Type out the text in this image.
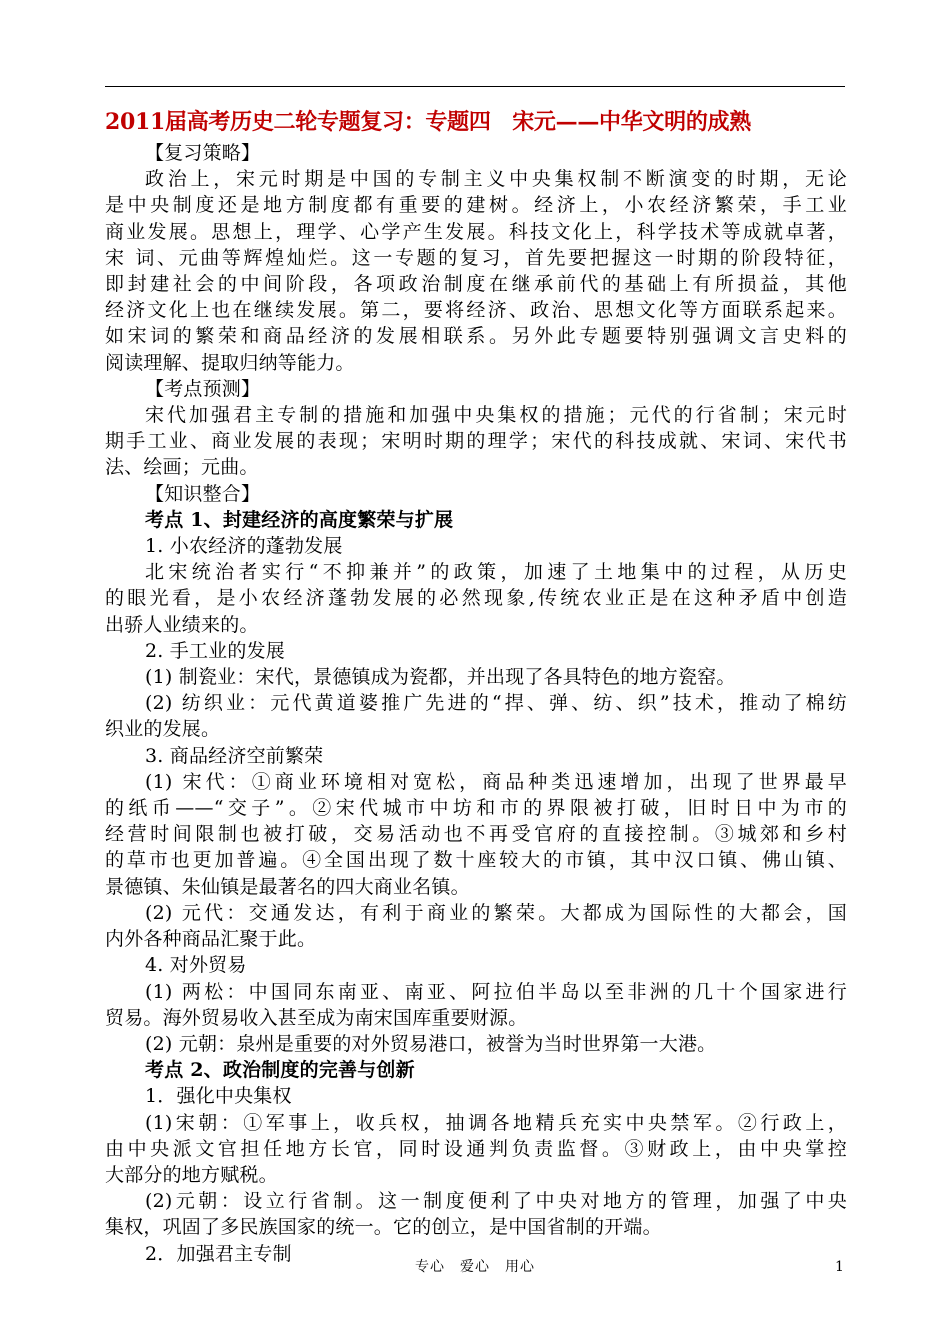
2011届高考历史二轮专题复习：专题四　宋元——中华文明的成熟
【复习策略】
政治上，宋元时期是中国的专制主义中央集权制不断演变的时期，无论
是中央制度还是地方制度都有重要的建树。经济上，小农经济繁荣，手工业
商业发展。思想上，理学、心学产生发展。科技文化上，科学技术等成就卓著，
宋 词、元曲等辉煌灿烂。这一专题的复习，首先要把握这一时期的阶段特征，
即封建社会的中间阶段，各项政治制度在继承前代的基础上有所损益，其他
经济文化上也在继续发展。第二，要将经济、政治、思想文化等方面联系起来。
如宋词的繁荣和商品经济的发展相联系。另外此专题要特别强调文言史料的
阅读理解、提取归纳等能力。
【考点预测】
宋代加强君主专制的措施和加强中央集权的措施；元代的行省制；宋元时
期手工业、商业发展的表现；宋明时期的理学；宋代的科技成就、宋词、宋代书
法、绘画；元曲。
【知识整合】
考点 1、封建经济的高度繁荣与扩展
1. 小农经济的蓬勃发展
北宋统治者实行“不抑兼并”的政策，加速了土地集中的过程，从历史
的眼光看，是小农经济蓬勃发展的必然现象,传统农业正是在这种矛盾中创造
出骄人业绩来的。
2. 手工业的发展
(1) 制瓷业：宋代，景德镇成为瓷都，并出现了各具特色的地方瓷窑。
(2) 纺织业：元代黄道婆推广先进的“捍、弹、纺、织”技术，推动了棉纺
织业的发展。
3. 商品经济空前繁荣
(1) 宋代：①商业环境相对宽松，商品种类迅速增加，出现了世界最早
的纸币——“交子”。②宋代城市中坊和市的界限被打破，旧时日中为市的
经营时间限制也被打破，交易活动也不再受官府的直接控制。③城郊和乡村
的草市也更加普遍。④全国出现了数十座较大的市镇，其中汉口镇、佛山镇、
景德镇、朱仙镇是最著名的四大商业名镇。
(2) 元代：交通发达，有利于商业的繁荣。大都成为国际性的大都会，国
内外各种商品汇聚于此。
4. 对外贸易
(1) 两松：中国同东南亚、南亚、阿拉伯半岛以至非洲的几十个国家进行
贸易。海外贸易收入甚至成为南宋国库重要财源。
(2) 元朝：泉州是重要的对外贸易港口，被誉为当时世界第一大港。
考点 2、政治制度的完善与创新
1．强化中央集权
(1)宋朝：①军事上，收兵权，抽调各地精兵充实中央禁军。②行政上，
由中央派文官担任地方长官，同时设通判负责监督。③财政上，由中央掌控
大部分的地方赋税。
(2)元朝：设立行省制。这一制度便利了中央对地方的管理，加强了中央
集权，巩固了多民族国家的统一。它的创立，是中国省制的开端。
2．加强君主专制
专心　爱心　用心	1
